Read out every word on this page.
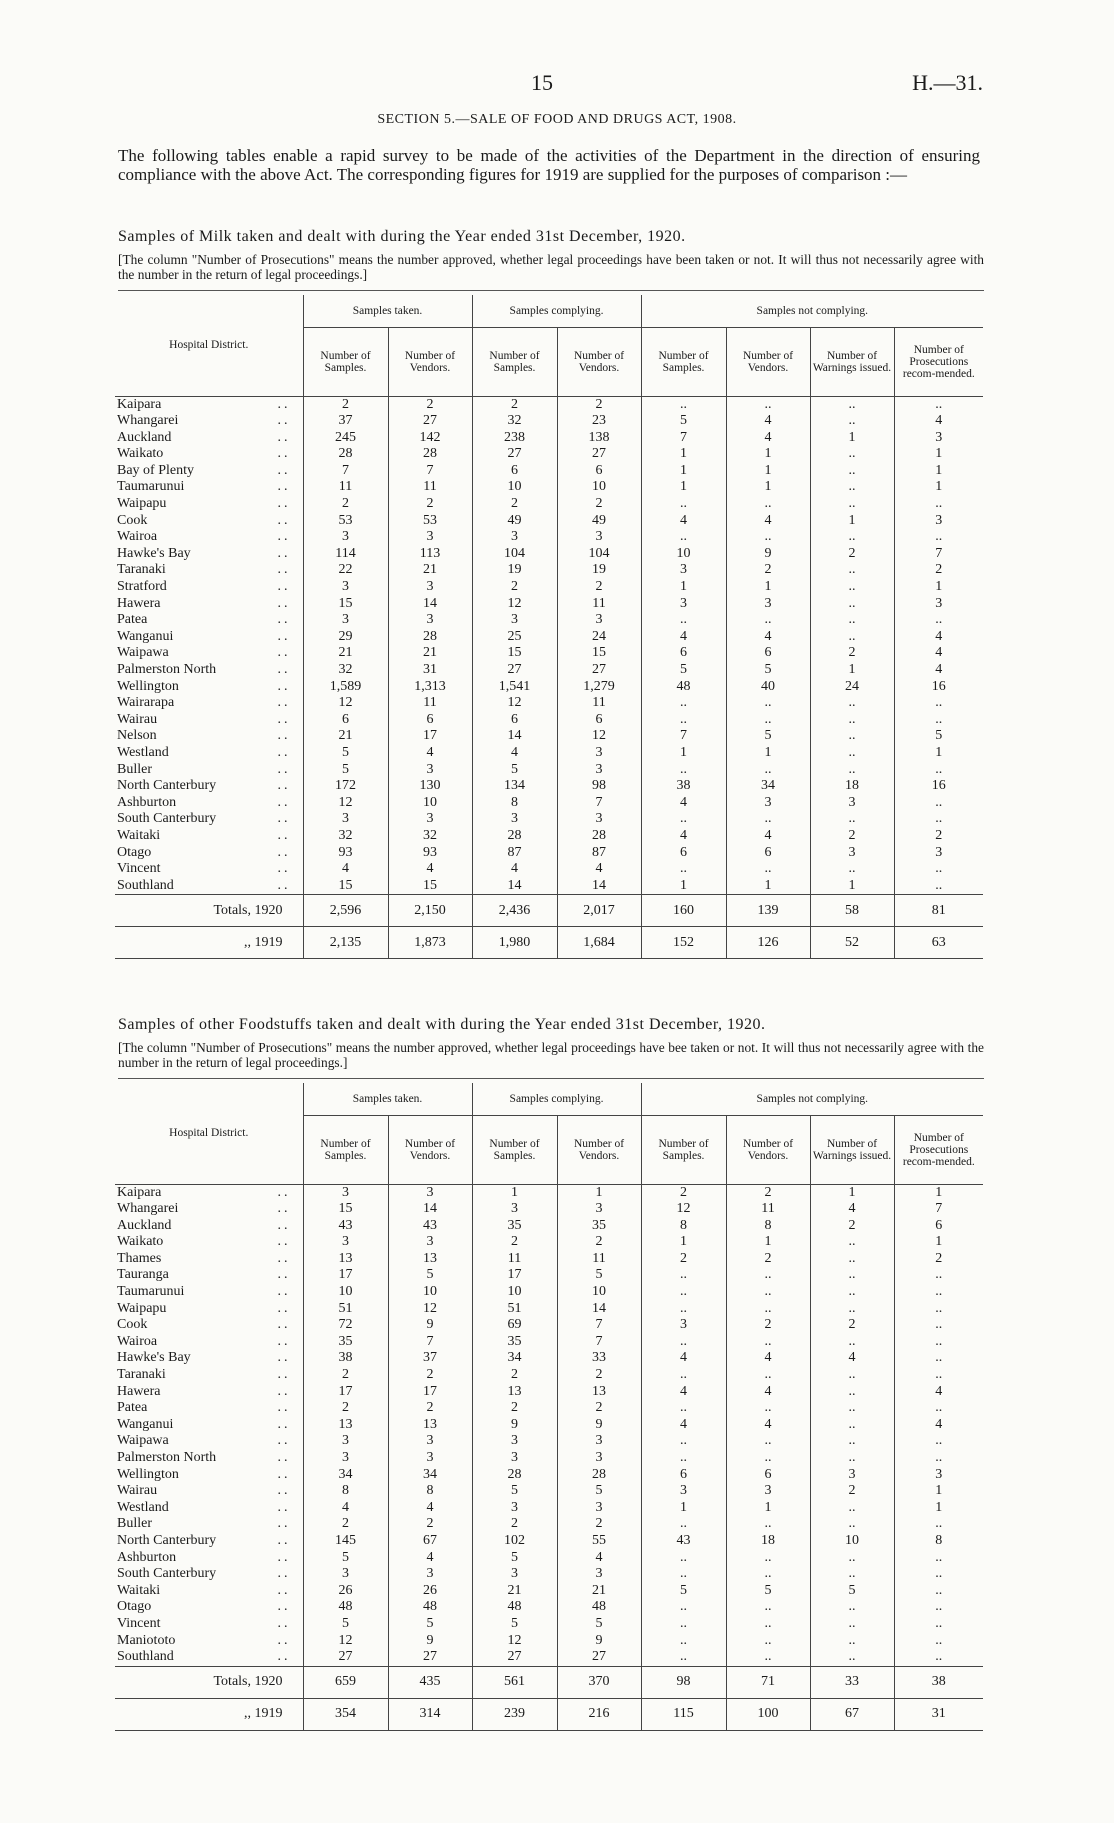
15	H.—31.
SECTION 5.—SALE OF FOOD AND DRUGS ACT, 1908.
The following tables enable a rapid survey to be made of the activities of the Department in the direction of ensuring compliance with the above Act. The corresponding figures for 1919 are supplied for the purposes of comparison :—
Samples of Milk taken and dealt with during the Year ended 31st December, 1920.
[The column "Number of Prosecutions" means the number approved, whether legal proceedings have been taken or not. It will thus not necessarily agree with the number in the return of legal proceedings.]
Hospital District.	Samples taken.		Samples complying.		Samples not complying.			
	Number of Samples.	Number of Vendors.	Number of Samples.	Number of Vendors.	Number of Samples.	Number of Vendors.	Number of Warnings issued.	Number of Prosecutions recom-mended.
Kaipara ..	2	2	2	2	..	..	..	..
Whangarei ..	37	27	32	23	5	4	..	4
Auckland ..	245	142	238	138	7	4	1	3
Waikato ..	28	28	27	27	1	1	..	1
Bay of Plenty ..	7	7	6	6	1	1	..	1
Taumarunui ..	11	11	10	10	1	1	..	1
Waipapu ..	2	2	2	2	..	..	..	..
Cook ..	53	53	49	49	4	4	1	3
Wairoa ..	3	3	3	3	..	..	..	..
Hawke's Bay ..	114	113	104	104	10	9	2	7
Taranaki ..	22	21	19	19	3	2	..	2
Stratford ..	3	3	2	2	1	1	..	1
Hawera ..	15	14	12	11	3	3	..	3
Patea ..	3	3	3	3	..	..	..	..
Wanganui ..	29	28	25	24	4	4	..	4
Waipawa ..	21	21	15	15	6	6	2	4
Palmerston North ..	32	31	27	27	5	5	1	4
Wellington ..	1,589	1,313	1,541	1,279	48	40	24	16
Wairarapa ..	12	11	12	11	..	..	..	..
Wairau ..	6	6	6	6	..	..	..	..
Nelson ..	21	17	14	12	7	5	..	5
Westland ..	5	4	4	3	1	1	..	1
Buller ..	5	3	5	3	..	..	..	..
North Canterbury ..	172	130	134	98	38	34	18	16
Ashburton ..	12	10	8	7	4	3	3	..
South Canterbury ..	3	3	3	3	..	..	..	..
Waitaki ..	32	32	28	28	4	4	2	2
Otago ..	93	93	87	87	6	6	3	3
Vincent ..	4	4	4	4	..	..	..	..
Southland ..	15	15	14	14	1	1	1	..
Totals, 1920	2,596	2,150	2,436	2,017	160	139	58	81
,, 1919	2,135	1,873	1,980	1,684	152	126	52	63
Samples of other Foodstuffs taken and dealt with during the Year ended 31st December, 1920.
[The column "Number of Prosecutions" means the number approved, whether legal proceedings have bee taken or not. It will thus not necessarily agree with the number in the return of legal proceedings.]
Hospital District.	Samples taken.		Samples complying.		Samples not complying.			
	Number of Samples.	Number of Vendors.	Number of Samples.	Number of Vendors.	Number of Samples.	Number of Vendors.	Number of Warnings issued.	Number of Prosecutions recom-mended.
Kaipara ..	3	3	1	1	2	2	1	1
Whangarei ..	15	14	3	3	12	11	4	7
Auckland ..	43	43	35	35	8	8	2	6
Waikato ..	3	3	2	2	1	1	..	1
Thames ..	13	13	11	11	2	2	..	2
Tauranga ..	17	5	17	5	..	..	..	..
Taumarunui ..	10	10	10	10	..	..	..	..
Waipapu ..	51	12	51	14	..	..	..	..
Cook ..	72	9	69	7	3	2	2	..
Wairoa ..	35	7	35	7	..	..	..	..
Hawke's Bay ..	38	37	34	33	4	4	4	..
Taranaki ..	2	2	2	2	..	..	..	..
Hawera ..	17	17	13	13	4	4	..	4
Patea ..	2	2	2	2	..	..	..	..
Wanganui ..	13	13	9	9	4	4	..	4
Waipawa ..	3	3	3	3	..	..	..	..
Palmerston North ..	3	3	3	3	..	..	..	..
Wellington ..	34	34	28	28	6	6	3	3
Wairau ..	8	8	5	5	3	3	2	1
Westland ..	4	4	3	3	1	1	..	1
Buller ..	2	2	2	2	..	..	..	..
North Canterbury ..	145	67	102	55	43	18	10	8
Ashburton ..	5	4	5	4	..	..	..	..
South Canterbury ..	3	3	3	3	..	..	..	..
Waitaki ..	26	26	21	21	5	5	5	..
Otago ..	48	48	48	48	..	..	..	..
Vincent ..	5	5	5	5	..	..	..	..
Maniototo ..	12	9	12	9	..	..	..	..
Southland ..	27	27	27	27	..	..	..	..
Totals, 1920	659	435	561	370	98	71	33	38
,, 1919	354	314	239	216	115	100	67	31
